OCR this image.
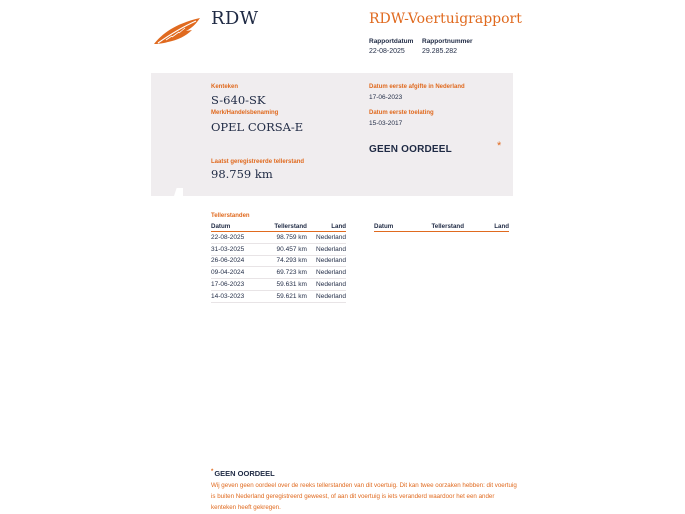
RDW	RDW-Voertuigrapport
Rapportdatum
22-08-2025
Rapportnummer
29.285.282
Kenteken
S-640-SK
Merk/Handelsbenaming
OPEL CORSA-E
Laatst geregistreerde tellerstand
98.759 km
Datum eerste afgifte in Nederland
17-06-2023
Datum eerste toelating
15-03-2017
GEEN OORDEEL	*
Tellerstanden
Datum	Tellerstand	Land
22-08-2025	98.759 km	Nederland
31-03-2025	90.457 km	Nederland
26-06-2024	74.293 km	Nederland
09-04-2024	69.723 km	Nederland
17-06-2023	59.631 km	Nederland
14-03-2023	59.621 km	Nederland
Datum	Tellerstand	Land
*GEEN OORDEEL
Wij geven geen oordeel over de reeks tellerstanden van dit voertuig. Dit kan twee oorzaken hebben: dit voertuig is buiten Nederland geregistreerd geweest, of aan dit voertuig is iets veranderd waardoor het een ander kenteken heeft gekregen.
